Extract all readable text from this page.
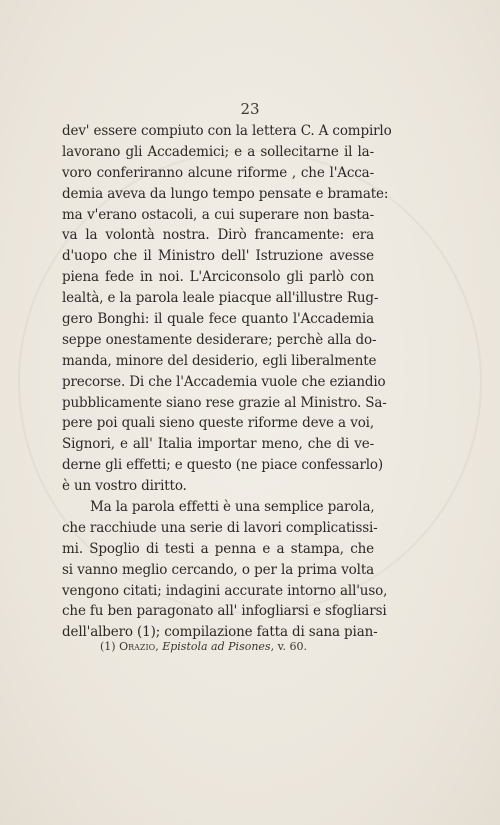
23
dev' essere compiuto con la lettera C. A compirlo
lavorano gli Accademici; e a sollecitarne il la-
voro conferiranno alcune riforme , che l'Acca-
demia aveva da lungo tempo pensate e bramate:
ma v'erano ostacoli, a cui superare non basta-
va la volontà nostra. Dirò francamente: era
d'uopo che il Ministro dell' Istruzione avesse
piena fede in noi. L'Arciconsolo gli parlò con
lealtà, e la parola leale piacque all'illustre Rug-
gero Bonghi: il quale fece quanto l'Accademia
seppe onestamente desiderare; perchè alla do-
manda, minore del desiderio, egli liberalmente
precorse. Di che l'Accademia vuole che eziandio
pubblicamente siano rese grazie al Ministro. Sa-
pere poi quali sieno queste riforme deve a voi,
Signori, e all' Italia importar meno, che di ve-
derne gli effetti; e questo (ne piace confessarlo)
è un vostro diritto.
Ma la parola effetti è una semplice parola,
che racchiude una serie di lavori complicatissi-
mi. Spoglio di testi a penna e a stampa, che
si vanno meglio cercando, o per la prima volta
vengono citati; indagini accurate intorno all'uso,
che fu ben paragonato all' infogliarsi e sfogliarsi
dell'albero (1); compilazione fatta di sana pian-
(1) Orazio, Epistola ad Pisones, v. 60.
